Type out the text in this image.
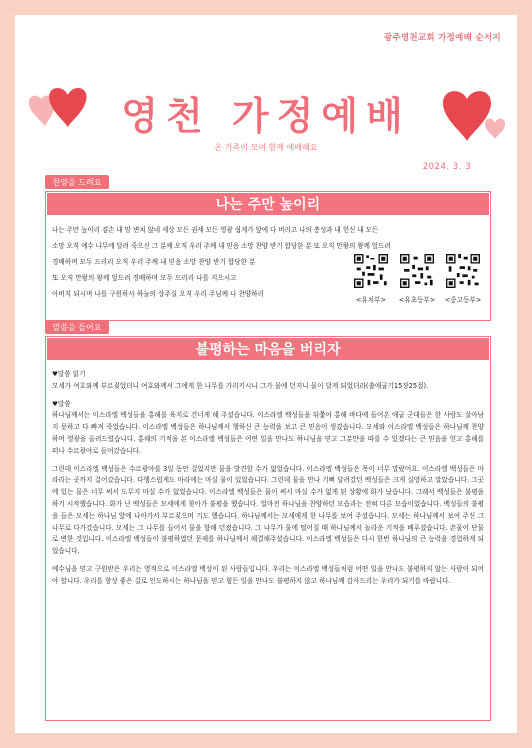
광주영천교회 가정예배 순서지
영천 가정예배
온 가족이 모여 함께 예배해요
2024. 3. 3
찬양을 드려요
나는 주만 높이리
나는 주만 높이리 겸손 내 맘 변치 않네 세상 모든 권세 모든 영광 쉽게가 앞에 다 버리고 나의 충성과 내 헌신 내 모든
소망 오직 예수 나무에 달려 죽으신 그 분께 오직 우리 주께 내 믿음 소망 찬양 받기 합당한 분 또 오직 만왕의 왕께 엎드려
경배하며 모두 드리리 오직 우리 주께 내 믿음 소망 찬양 받기 합당한 분
또 오직 만왕의 왕께 엎드려 경배하며 모두 드리리 나를 지으시고
아버지 되시며 나를 구원하사 하늘의 상주실 오직 우리 주님께 나 찬양하리
<유치부>	<유초등부> <중고등부>
말씀을 들어요
불평하는 마음을 버리자

♥말씀 읽기

모세가 여호와께 부르짖었더니 여호와께서 그에게 한 나무를 가리키시니 그가 물에 던지니 물이 달게 되었더라(출애굽기15장25절).

♥말씀

하나님께서는 이스라엘 백성들을 홍해를 육지로 건너게 해 주셨습니다. 이스라엘 백성들을 뒤쫓아 홍해 바다에 들어온 애굽 군대들은 한 사람도 살아남지 못하고 다 빠져 죽었습니다. 이스라엘 백성들은 하나님께서 행하신 큰 능력을 보고 큰 믿음이 생겼습니다. 모세와 이스라엘 백성들은 하나님께 찬양하며 영광을 올려드렸습니다. 홍해의 기적을 본 이스라엘 백성들은 어떤 일을 만나도 하나님을 믿고 그분만을 따를 수 있겠다는 큰 믿음을 얻고 홍해를 떠나 수르광야로 들어갔습니다.

그런데 이스라엘 백성들은 수르광야를 3일 동안 걸었지만 물을 발견할 수가 없었습니다. 이스라엘 백성들은 목이 너무 말랐어요. 이스라엘 백성들은 마라라는 곳까지 걸어갔습니다. 다행스럽게도 마라에는 마실 물이 있었습니다. 그런데 물을 만나 기뻐 달려갔던 백성들은 크게 실망하고 말았습니다. 그곳에 있는 물은 너무 써서 도무지 마실 수가 없었습니다. 이스라엘 백성들은 물이 써서 마실 수가 없게 된 상황에 화가 났습니다. 그래서 백성들은 불평을 하기 시작했습니다. 화가 난 백성들은 모세에게 찾아가 불평을 했습니다. 얼마전 하나님을 찬양하던 모습과는 전혀 다른 모습이었습니다. 백성들의 불평을 들은 모세는 하나님 앞에 나아가서 부르짖으며 기도 했습니다. 하나님께서는 모세에게 한 나무를 보여 주셨습니다. 모세는 하나님께서 보여 주신 그 나무로 다가갔습니다. 모세는 그 나무를 들어서 물을 향해 던졌습니다. 그 나무가 물에 떨어질 때 하나님께서 놀라운 기적을 베푸셨습니다. 쓴물이 단물로 변한 것입니다. 이스라엘 백성들이 불평하였던 문제를 하나님께서 해결해주셨습니다. 이스라엘 백성들은 다시 한번 하나님의 큰 능력을 경험하게 되었습니다.

예수님을 믿고 구원받은 우리는 영적으로 이스라엘 백성이 된 사람들입니다. 우리는 이스라엘 백성들처럼 어떤 일을 만나도 불평하지 않는 사람이 되어야 합니다. 우리를 항상 좋은 길로 인도하시는 하나님을 믿고 힘든 일을 만나도 불평하지 않고 하나님께 감사드리는 우리가 되기를 바랍니다.
